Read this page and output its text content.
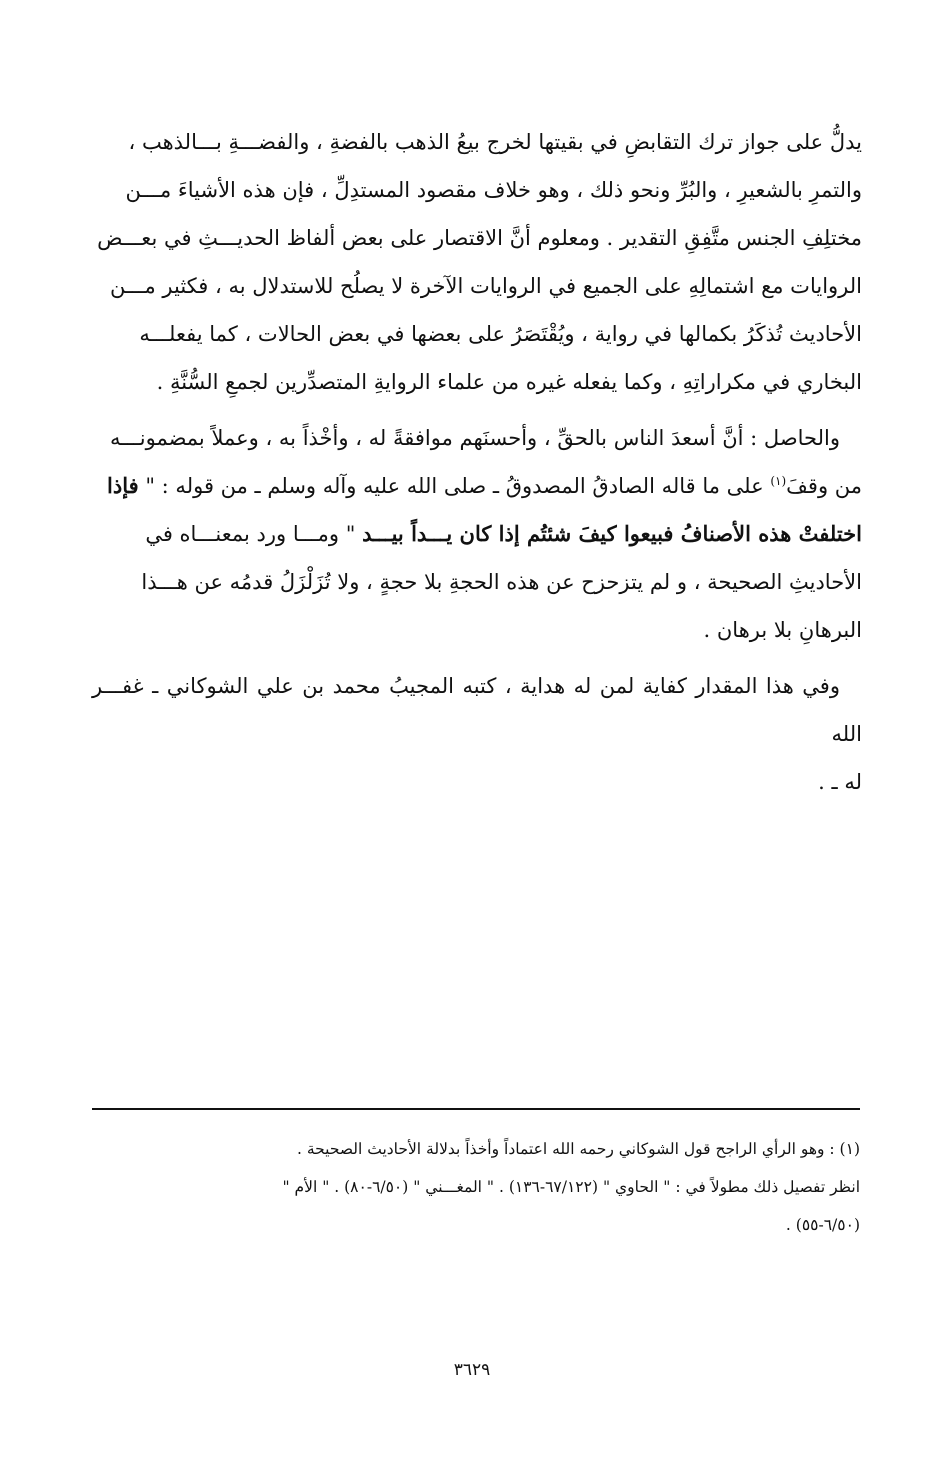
يدلُّ على جواز ترك التقابضِ في بقيتها لخرج بيعُ الذهب بالفضةِ ، والفضـــةِ بـــالذهب ،
والتمرِ بالشعيرِ ، والبُرِّ ونحو ذلك ، وهو خلاف مقصود المستدِلِّ ، فإن هذه الأشياءَ مـــن
مختلِفِ الجنس متَّفِقِ التقدير . ومعلوم أنَّ الاقتصار على بعض ألفاظ الحديـــثِ في بعـــض
الروايات مع اشتمالِهِ على الجميع في الروايات الآخرة لا يصلُح للاستدلال به ، فكثير مـــن
الأحاديث تُذكَرُ بكمالها في رواية ، ويُقْتَصَرُ على بعضها في بعض الحالات ، كما يفعلـــه
البخاري في مكراراتِهِ ، وكما يفعله غيره من علماء الروايةِ المتصدِّرين لجمعِ السُّنَّةِ .

والحاصل : أنَّ أسعدَ الناس بالحقِّ ، وأحسنَهم موافقةً له ، وأخْذاً به ، وعملاً بمضمونـــه
من وقفَ$^{(١)}$ على ما قاله الصادقُ المصدوقُ ـ صلى الله عليه وآله وسلم ـ من قوله : " فإذا
اختلفتْ هذه الأصنافُ فبيعوا كيفَ شئتُم إذا كان يـــداً بيـــد " ومـــا ورد بمعنـــاه في
الأحاديثِ الصحيحة ، و لم يتزحزح عن هذه الحجةِ بلا حجةٍ ، ولا تُزَلْزَلُ قدمُه عن هـــذا
البرهانِ بلا برهان .

وفي هذا المقدار كفاية لمن له هداية ، كتبه المجيبُ محمد بن علي الشوكاني ـ غفـــر الله
له ـ .

(١) : وهو الرأي الراجح قول الشوكاني رحمه الله اعتماداً وأخذاً بدلالة الأحاديث الصحيحة .

انظر تفصيل ذلك مطولاً في : " الحاوي " (٦٧/١٢٢-١٣٦) . " المغـــني " (٦/٥٠-٨٠) . " الأم "

(٦/٥٠-٥٥) .

٣٦٢٩
